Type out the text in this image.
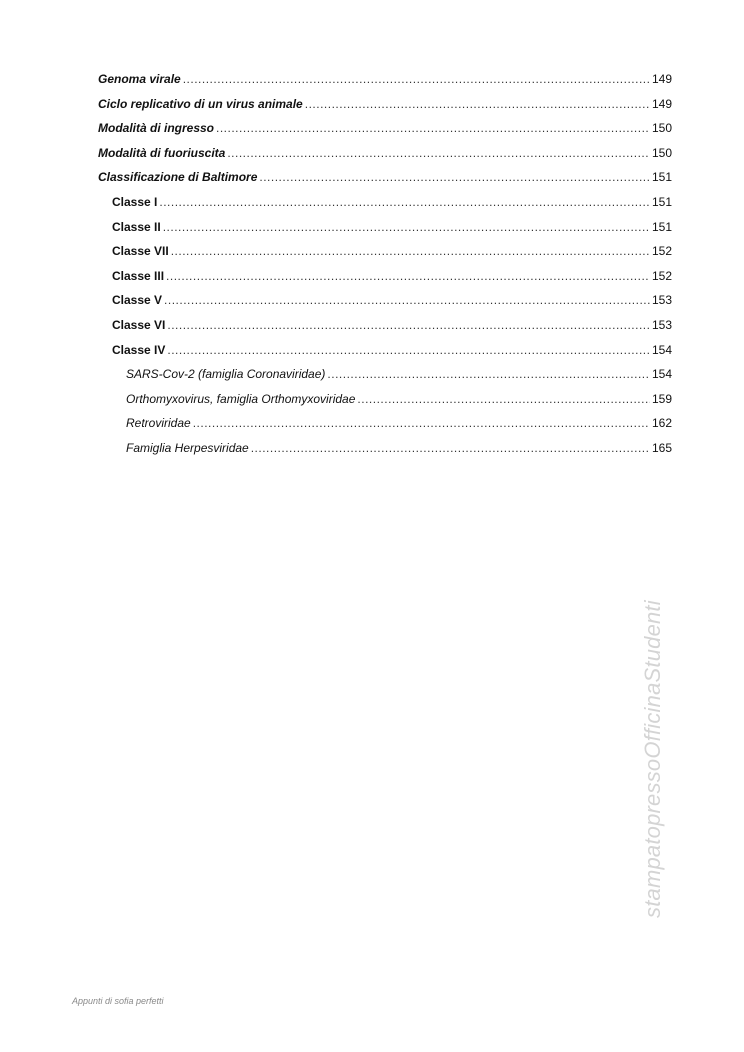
Genoma virale .....	149
Ciclo replicativo di un virus animale .....	149
Modalità di ingresso .....	150
Modalità di fuoriuscita .....	150
Classificazione di Baltimore .....	151
Classe I .....	151
Classe II .....	151
Classe VII .....	152
Classe III .....	152
Classe V .....	153
Classe VI .....	153
Classe IV .....	154
SARS-Cov-2 (famiglia Coronaviridae) .....	154
Orthomyxovirus, famiglia Orthomyxoviridae .....	159
Retroviridae .....	162
Famiglia Herpesviridae .....	165
stampatopressoOfficinaStudenti
Appunti di sofia perfetti
